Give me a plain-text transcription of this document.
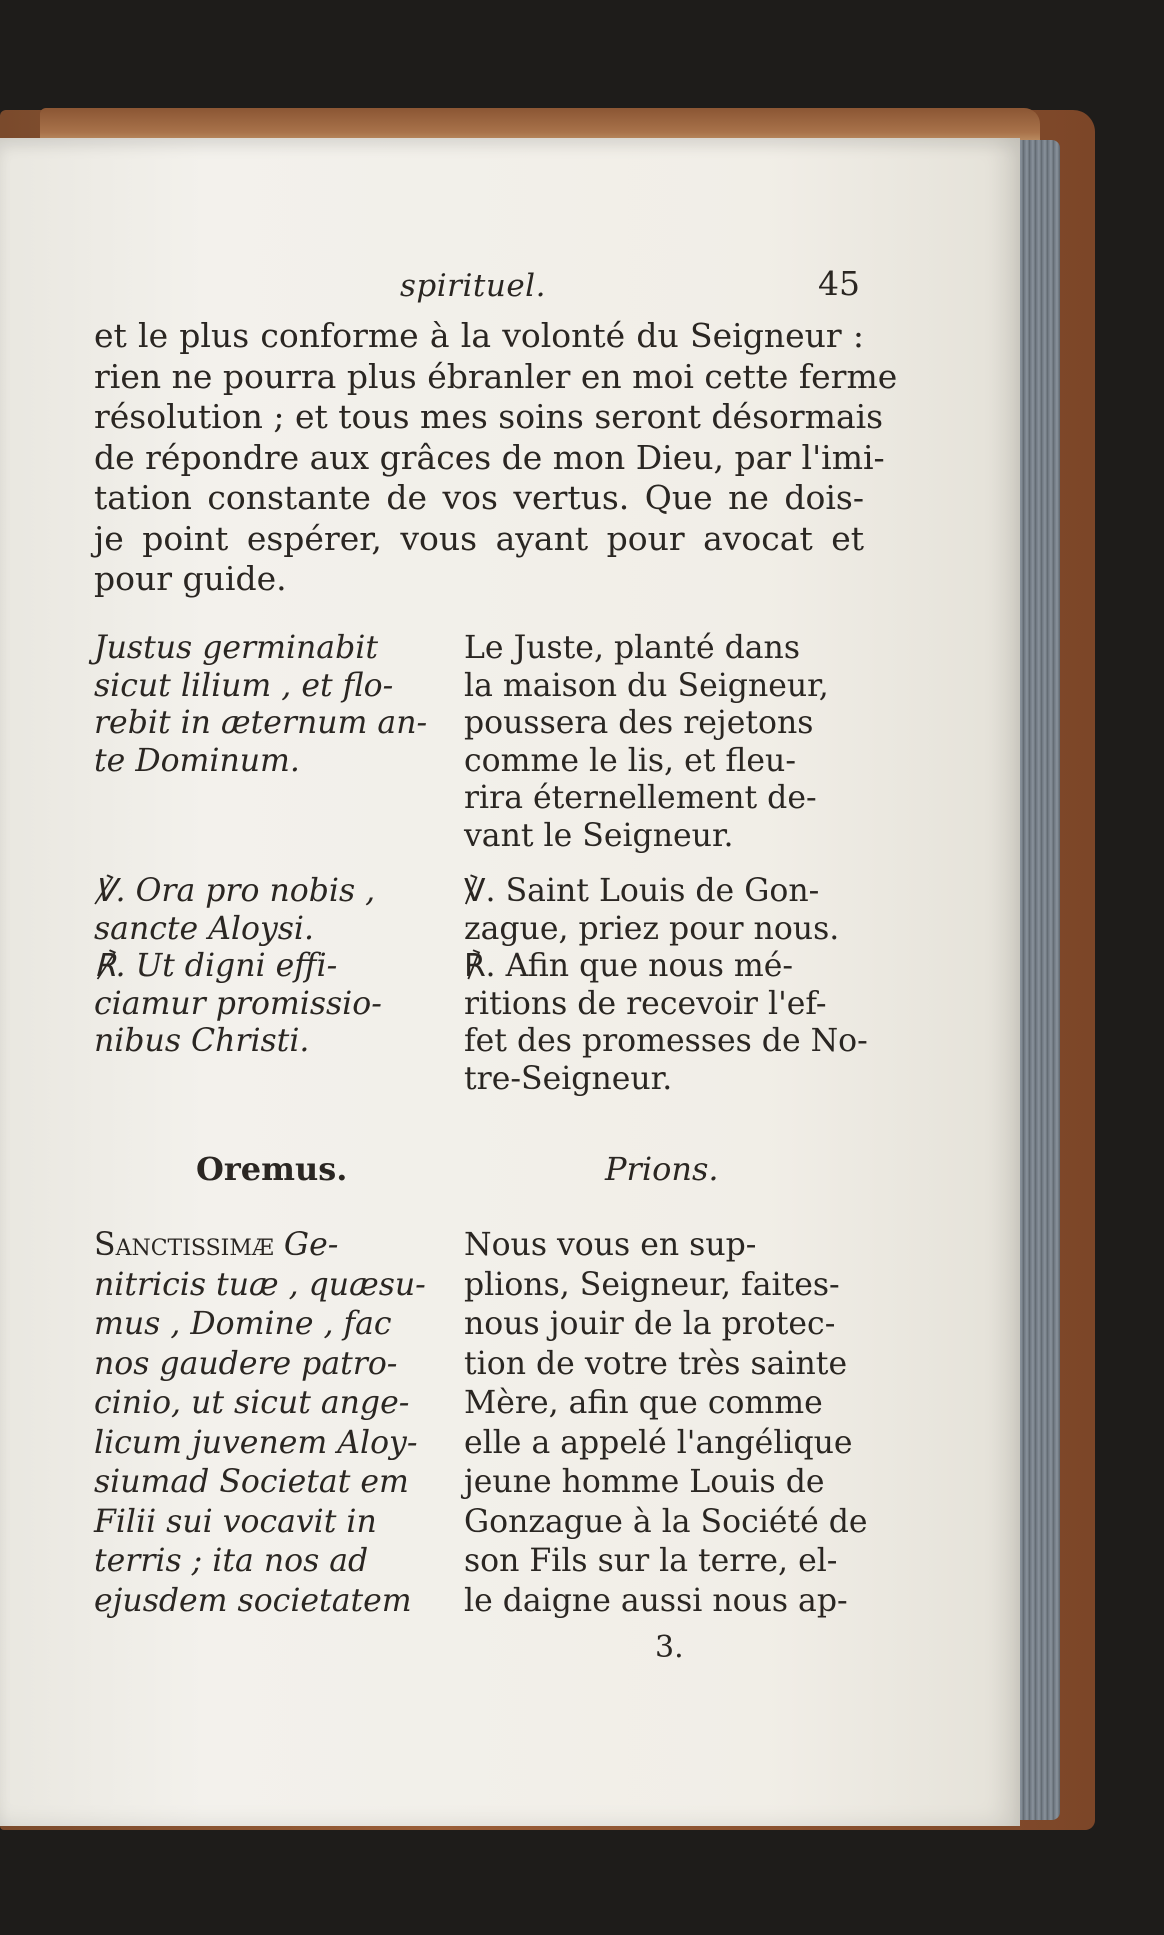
spirituel.	45
et le plus conforme à la volonté du Seigneur :
rien ne pourra plus ébranler en moi cette ferme
résolution ; et tous mes soins seront désormais
de répondre aux grâces de mon Dieu, par l'imi-
tation constante de vos vertus. Que ne dois-
je point espérer, vous ayant pour avocat et
pour guide.
Justus germinabit
sicut lilium , et flo-
rebit in æternum an-
te Dominum.
Le Juste, planté dans
la maison du Seigneur,
poussera des rejetons
comme le lis, et fleu-
rira éternellement de-
vant le Seigneur.
℣. Ora pro nobis ,
sancte Aloysi.
℟. Ut digni effi-
ciamur promissio-
nibus Christi.
℣. Saint Louis de Gon-
zague, priez pour nous.
℟. Afin que nous mé-
ritions de recevoir l'ef-
fet des promesses de No-
tre-Seigneur.
Oremus.	Prions.
Sanctissimæ Ge-
nitricis tuæ , quæsu-
mus , Domine , fac
nos gaudere patro-
cinio, ut sicut ange-
licum juvenem Aloy-
siumad Societat em
Filii sui vocavit in
terris ; ita nos ad
ejusdem societatem
Nous vous en sup-
plions, Seigneur, faites-
nous jouir de la protec-
tion de votre très sainte
Mère, afin que comme
elle a appelé l'angélique
jeune homme Louis de
Gonzague à la Société de
son Fils sur la terre, el-
le daigne aussi nous ap-
3.
